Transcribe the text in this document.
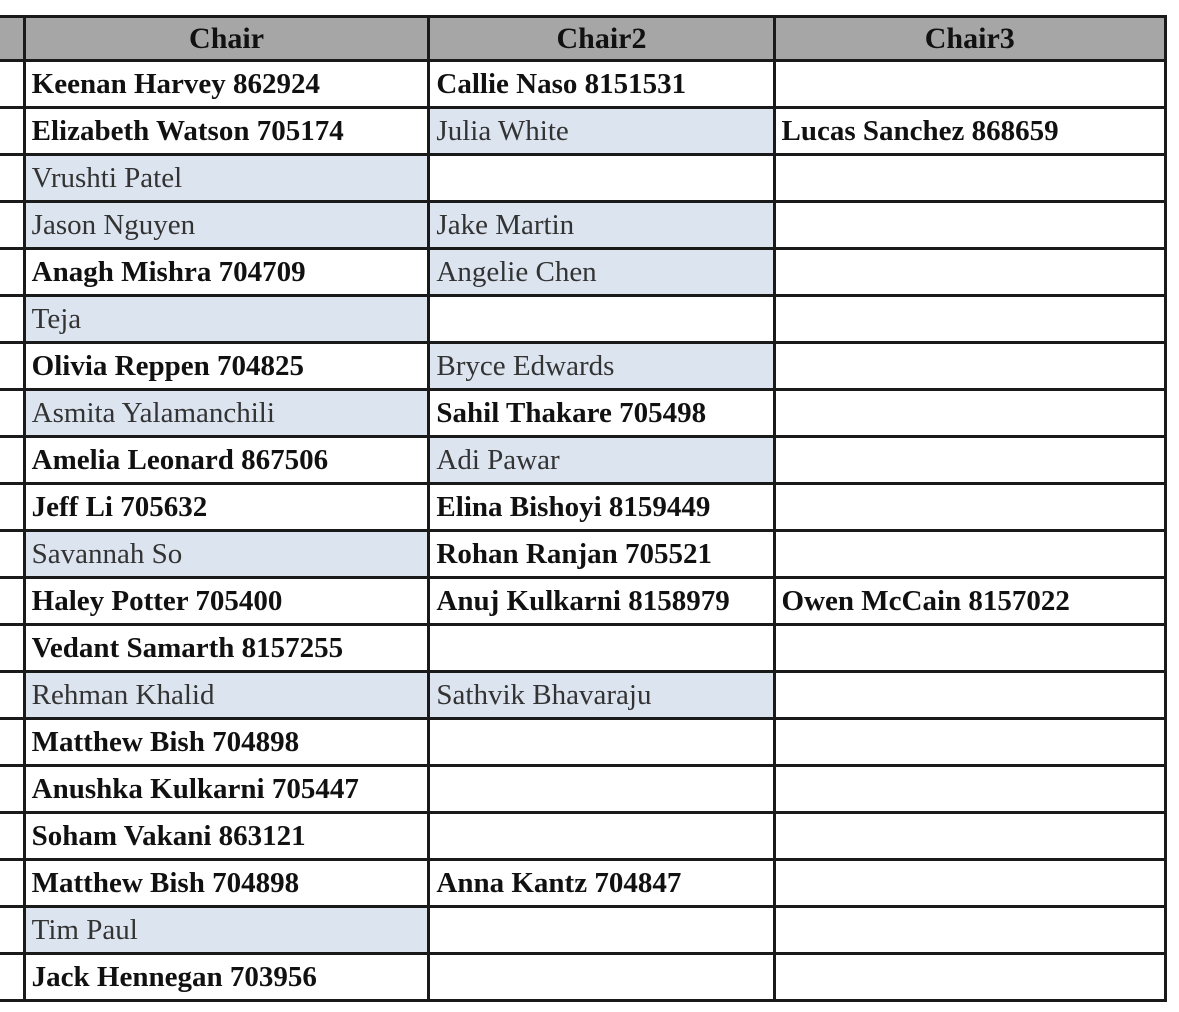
	Chair	Chair2	Chair3
	Keenan Harvey 862924	Callie Naso 8151531	
	Elizabeth Watson 705174	Julia White	Lucas Sanchez 868659
	Vrushti Patel		
	Jason Nguyen	Jake Martin	
	Anagh Mishra 704709	Angelie Chen	
	Teja		
	Olivia Reppen 704825	Bryce Edwards	
	Asmita Yalamanchili	Sahil Thakare 705498	
	Amelia Leonard 867506	Adi Pawar	
	Jeff Li 705632	Elina Bishoyi 8159449	
	Savannah So	Rohan Ranjan 705521	
	Haley Potter 705400	Anuj Kulkarni 8158979	Owen McCain 8157022
	Vedant Samarth 8157255		
	Rehman Khalid	Sathvik Bhavaraju	
	Matthew Bish 704898		
	Anushka Kulkarni 705447		
	Soham Vakani 863121		
	Matthew Bish 704898	Anna Kantz 704847	
	Tim Paul		
	Jack Hennegan 703956		
